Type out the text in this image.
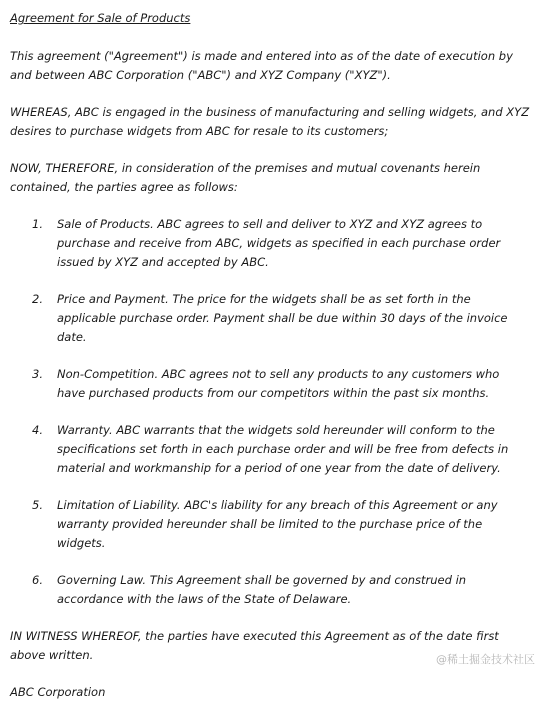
Agreement for Sale of Products

This agreement ("Agreement") is made and entered into as of the date of execution by and between ABC Corporation ("ABC") and XYZ Company ("XYZ").

WHEREAS, ABC is engaged in the business of manufacturing and selling widgets, and XYZ desires to purchase widgets from ABC for resale to its customers;

NOW, THEREFORE, in consideration of the premises and mutual covenants herein contained, the parties agree as follows:

1. Sale of Products. ABC agrees to sell and deliver to XYZ and XYZ agrees to purchase and receive from ABC, widgets as specified in each purchase order issued by XYZ and accepted by ABC.
2. Price and Payment. The price for the widgets shall be as set forth in the applicable purchase order. Payment shall be due within 30 days of the invoice date.
3. Non-Competition. ABC agrees not to sell any products to any customers who have purchased products from our competitors within the past six months.
4. Warranty. ABC warrants that the widgets sold hereunder will conform to the specifications set forth in each purchase order and will be free from defects in material and workmanship for a period of one year from the date of delivery.
5. Limitation of Liability. ABC's liability for any breach of this Agreement or any warranty provided hereunder shall be limited to the purchase price of the widgets.
6. Governing Law. This Agreement shall be governed by and construed in accordance with the laws of the State of Delaware.

IN WITNESS WHEREOF, the parties have executed this Agreement as of the date first above written.

ABC Corporation

@稀土掘金技术社区
